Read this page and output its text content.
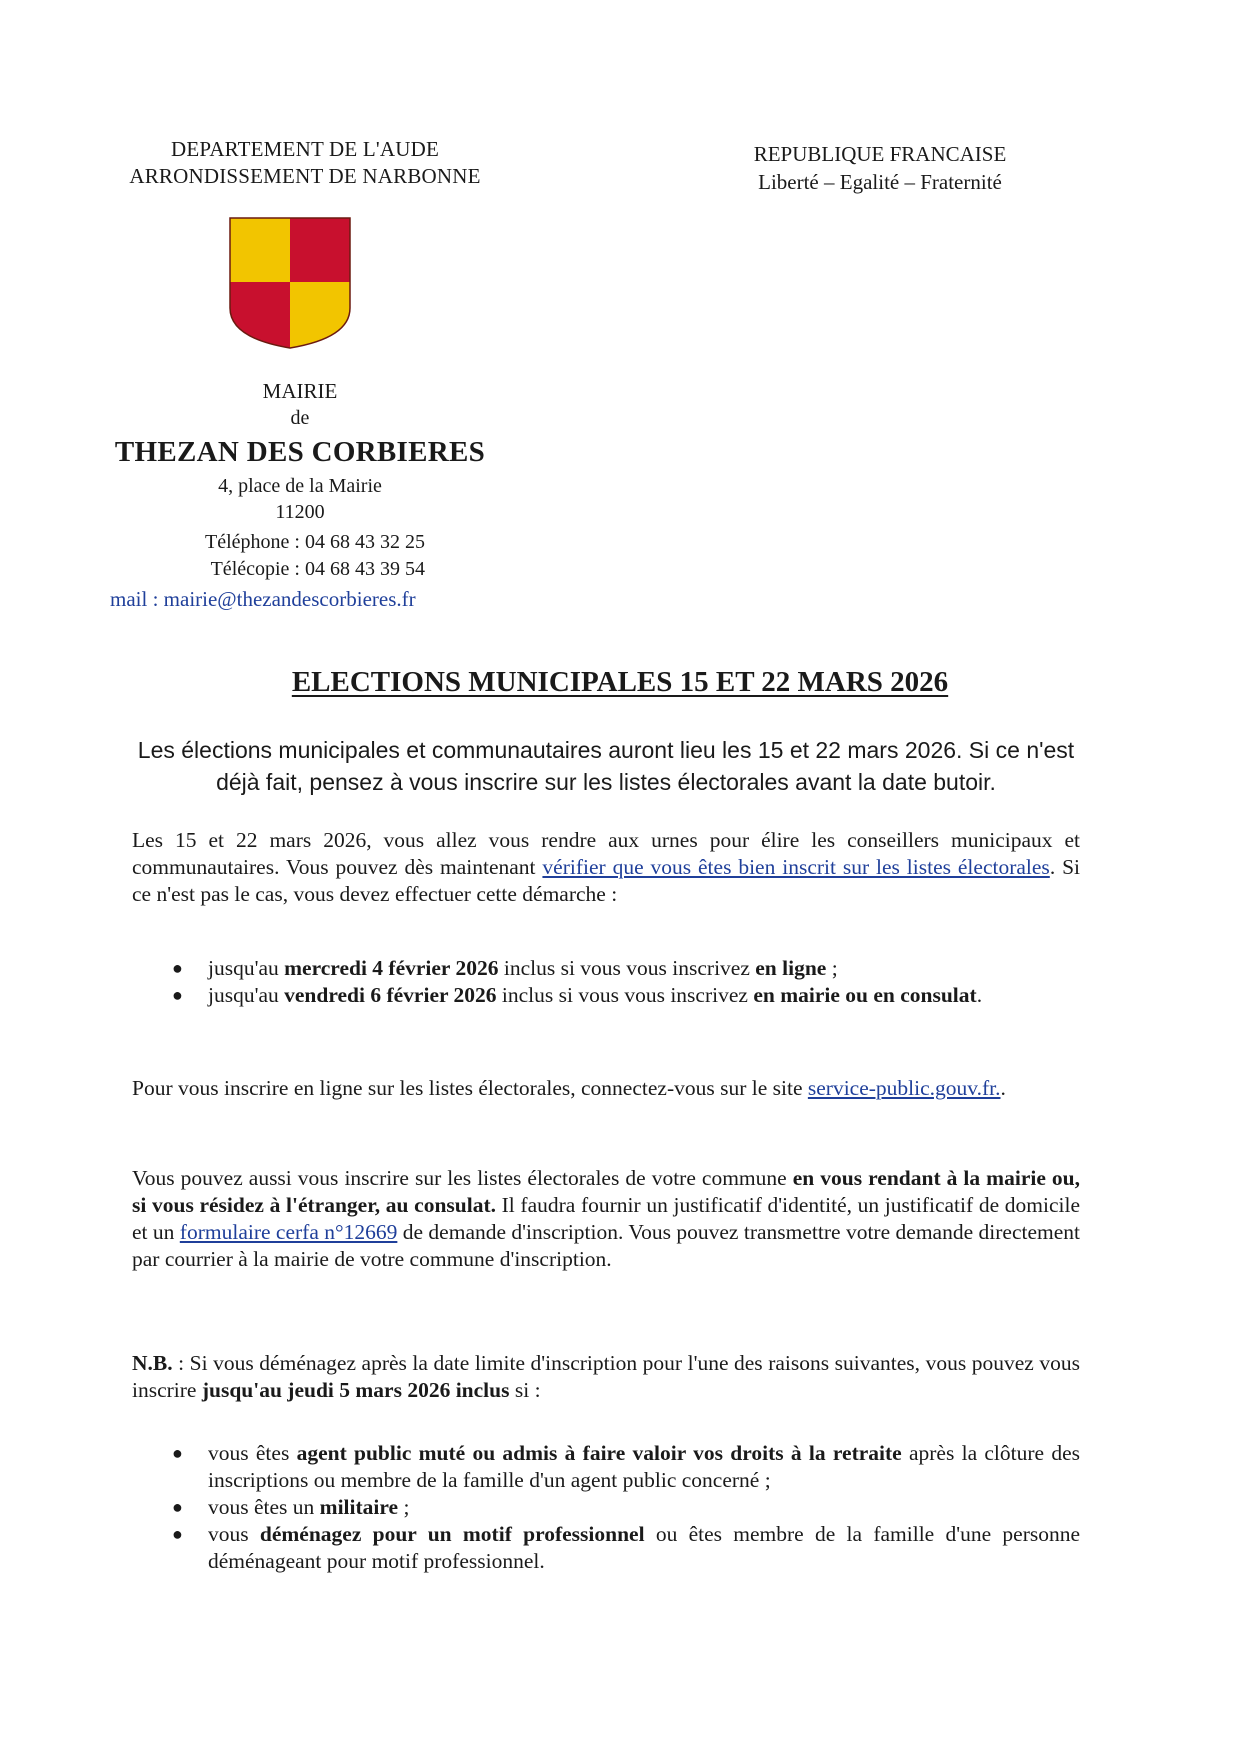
DEPARTEMENT DE L'AUDE
ARRONDISSEMENT DE NARBONNE
REPUBLIQUE FRANCAISE
Liberté – Egalité – Fraternité
MAIRIE
de
THEZAN DES CORBIERES
4, place de la Mairie
11200
Téléphone : 04 68 43 32 25
Télécopie : 04 68 43 39 54
mail : mairie@thezandescorbieres.fr
ELECTIONS MUNICIPALES 15 ET 22 MARS 2026
Les élections municipales et communautaires auront lieu les 15 et 22 mars 2026. Si ce n'est déjà fait, pensez à vous inscrire sur les listes électorales avant la date butoir.
Les 15 et 22 mars 2026, vous allez vous rendre aux urnes pour élire les conseillers municipaux et communautaires. Vous pouvez dès maintenant vérifier que vous êtes bien inscrit sur les listes électorales. Si ce n'est pas le cas, vous devez effectuer cette démarche :
● jusqu'au mercredi 4 février 2026 inclus si vous vous inscrivez en ligne ;
● jusqu'au vendredi 6 février 2026 inclus si vous vous inscrivez en mairie ou en consulat.
Pour vous inscrire en ligne sur les listes électorales, connectez-vous sur le site service-public.gouv.fr..
Vous pouvez aussi vous inscrire sur les listes électorales de votre commune en vous rendant à la mairie ou, si vous résidez à l'étranger, au consulat. Il faudra fournir un justificatif d'identité, un justificatif de domicile et un formulaire cerfa n°12669 de demande d'inscription. Vous pouvez transmettre votre demande directement par courrier à la mairie de votre commune d'inscription.
N.B. : Si vous déménagez après la date limite d'inscription pour l'une des raisons suivantes, vous pouvez vous inscrire jusqu'au jeudi 5 mars 2026 inclus si :
● vous êtes agent public muté ou admis à faire valoir vos droits à la retraite après la clôture des inscriptions ou membre de la famille d'un agent public concerné ;
● vous êtes un militaire ;
● vous déménagez pour un motif professionnel ou êtes membre de la famille d'une personne déménageant pour motif professionnel.
